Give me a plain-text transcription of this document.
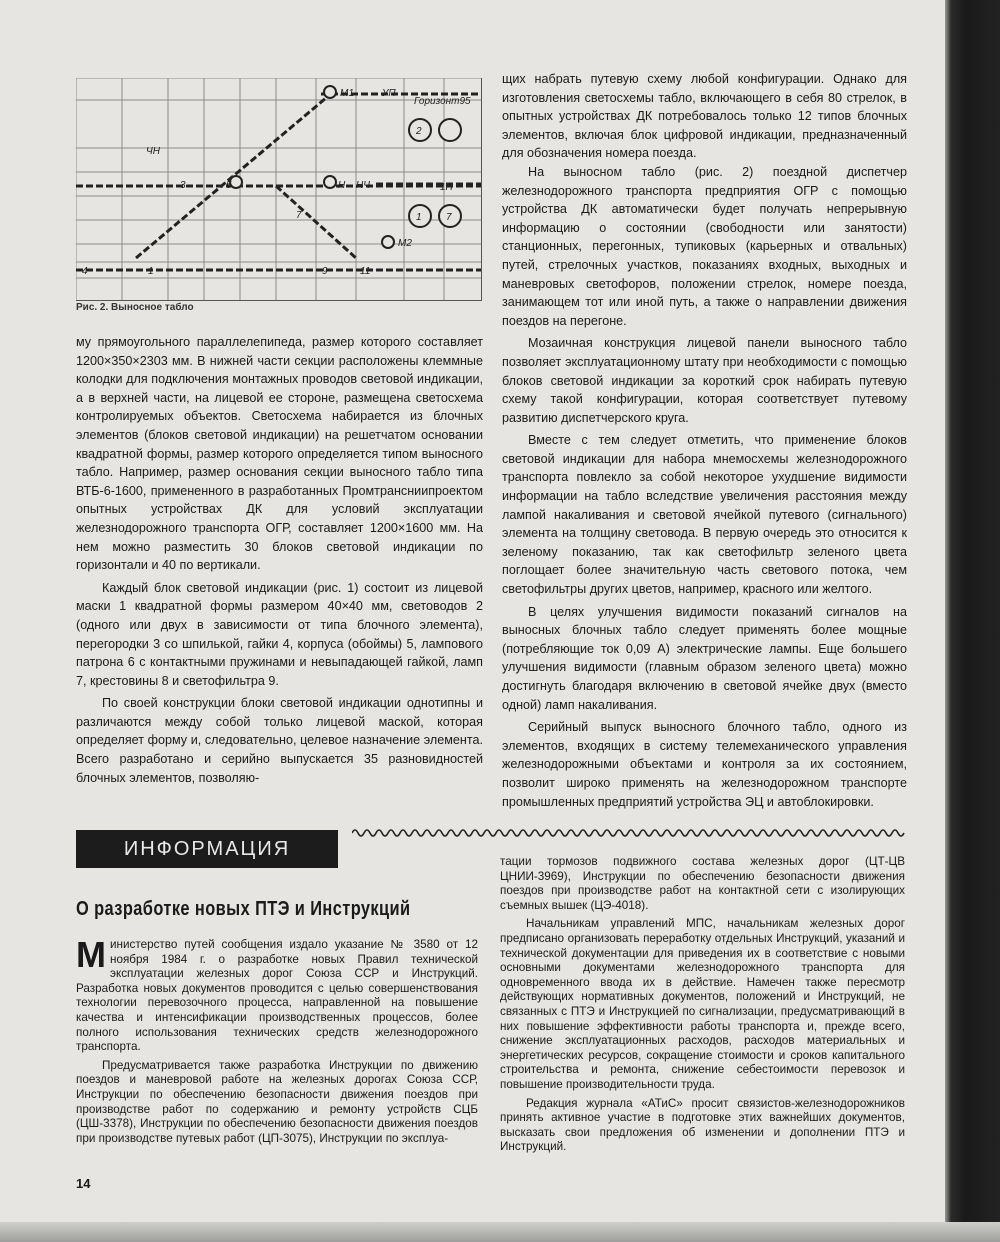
M1	УП
Горизонт95
2
1 7
ЧН
3	5
7
Н НЧ	1П
M2
1	9	11
4
Рис. 2. Выносное табло

му прямоугольного параллелепипеда, размер которого составляет 1200×350×2303 мм. В нижней части секции расположены клеммные колодки для подключения монтажных проводов световой индикации, а в верхней части, на лицевой ее стороне, размещена светосхема контролируемых объектов. Светосхема набирается из блочных элементов (блоков световой индикации) на решетчатом основании квадратной формы, размер которого определяется типом выносного табло. Например, размер основания секции выносного табло типа ВТБ-6-1600, примененного в разработанных Промтрансниипроектом опытных устройствах ДК для условий эксплуатации железнодорожного транспорта ОГР, составляет 1200×1600 мм. На нем можно разместить 30 блоков световой индикации по горизонтали и 40 по вертикали.

Каждый блок световой индикации (рис. 1) состоит из лицевой маски 1 квадратной формы размером 40×40 мм, световодов 2 (одного или двух в зависимости от типа блочного элемента), перегородки 3 со шпилькой, гайки 4, корпуса (обоймы) 5, лампового патрона 6 с контактными пружинами и невыпадающей гайкой, ламп 7, крестовины 8 и светофильтра 9.

По своей конструкции блоки световой индикации однотипны и различаются между собой только лицевой маской, которая определяет форму и, следовательно, целевое назначение элемента. Всего разработано и серийно выпускается 35 разновидностей блочных элементов, позволяю-

щих набрать путевую схему любой конфигурации. Однако для изготовления светосхемы табло, включающего в себя 80 стрелок, в опытных устройствах ДК потребовалось только 12 типов блочных элементов, включая блок цифровой индикации, предназначенный для обозначения номера поезда.

На выносном табло (рис. 2) поездной диспетчер железнодорожного транспорта предприятия ОГР с помощью устройства ДК автоматически будет получать непрерывную информацию о состоянии (свободности или занятости) станционных, перегонных, тупиковых (карьерных и отвальных) путей, стрелочных участков, показаниях входных, выходных и маневровых светофоров, положении стрелок, номере поезда, занимающем тот или иной путь, а также о направлении движения поездов на перегоне.

Мозаичная конструкция лицевой панели выносного табло позволяет эксплуатационному штату при необходимости с помощью блоков световой индикации за короткий срок набирать путевую схему такой конфигурации, которая соответствует путевому развитию диспетчерского круга.

Вместе с тем следует отметить, что применение блоков световой индикации для набора мнемосхемы железнодорожного транспорта повлекло за собой некоторое ухудшение видимости информации на табло вследствие увеличения расстояния между лампой накаливания и световой ячейкой путевого (сигнального) элемента на толщину световода. В первую очередь это относится к зеленому показанию, так как светофильтр зеленого цвета поглощает более значительную часть светового потока, чем светофильтры других цветов, например, красного или желтого.

В целях улучшения видимости показаний сигналов на выносных блочных табло следует применять более мощные (потребляющие ток 0,09 А) электрические лампы. Еще большего улучшения видимости (главным образом зеленого цвета) можно достигнуть благодаря включению в световой ячейке двух (вместо одной) ламп накаливания.

Серийный выпуск выносного блочного табло, одного из элементов, входящих в систему телемеханического управления железнодорожными объектами и контроля за их состоянием, позволит широко применять на железнодорожном транспорте промышленных предприятий устройства ЭЦ и автоблокировки.

ИНФОРМАЦИЯ
О разработке новых ПТЭ и Инструкций

Министерство путей сообщения издало указание № 3580 от 12 ноября 1984 г. о разработке новых Правил технической эксплуатации железных дорог Союза ССР и Инструкций. Разработка новых документов проводится с целью совершенствования технологии перевозочного процесса, направленной на повышение качества и интенсификации производственных процессов, более полного использования технических средств железнодорожного транспорта.

Предусматривается также разработка Инструкции по движению поездов и маневровой работе на железных дорогах Союза ССР, Инструкции по обеспечению безопасности движения поездов при производстве работ по содержанию и ремонту устройств СЦБ (ЦШ-3378), Инструкции по обеспечению безопасности движения поездов при производстве путевых работ (ЦП-3075), Инструкции по эксплуа-

тации тормозов подвижного состава железных дорог (ЦТ-ЦВ ЦНИИ-3969), Инструкции по обеспечению безопасности движения поездов при производстве работ на контактной сети с изолирующих съемных вышек (ЦЭ-4018).

Начальникам управлений МПС, начальникам железных дорог предписано организовать переработку отдельных Инструкций, указаний и технической документации для приведения их в соответствие с новыми основными документами железнодорожного транспорта для одновременного ввода их в действие. Намечен также пересмотр действующих нормативных документов, положений и Инструкций, не связанных с ПТЭ и Инструкцией по сигнализации, предусматривающий в них повышение эффективности работы транспорта и, прежде всего, снижение эксплуатационных расходов, расходов материальных и энергетических ресурсов, сокращение стоимости и сроков капитального строительства и ремонта, снижение себестоимости перевозок и повышение производительности труда.

Редакция журнала «АТиС» просит связистов-железнодорожников принять активное участие в подготовке этих важнейших документов, высказать свои предложения об изменении и дополнении ПТЭ и Инструкций.

14
